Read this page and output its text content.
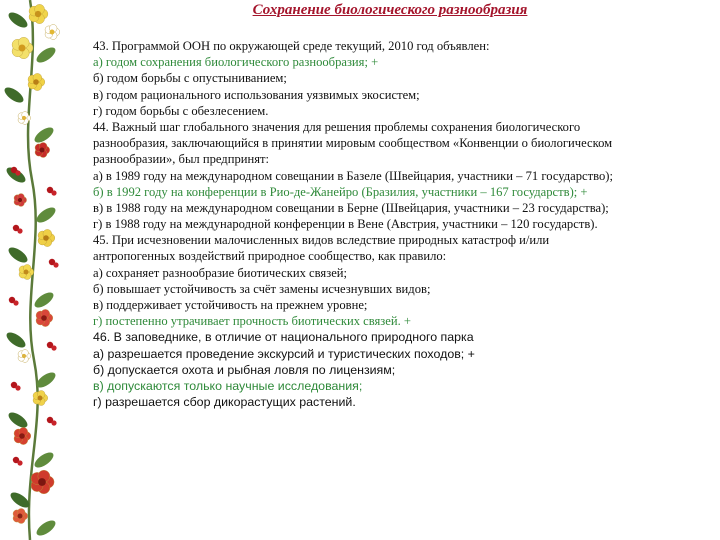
Сохранение биологического разнообразия
43. Программой ООН по окружающей среде текущий, 2010 год объявлен:
а) годом сохранения биологического разнообразия; +
б) годом борьбы с опустыниванием;
в) годом рационального использования уязвимых экосистем;
г) годом борьбы с обезлесением.
44. Важный шаг глобального значения для решения проблемы сохранения биологического
разнообразия, заключающийся в принятии мировым сообществом «Конвенции о биологическом
разнообразии», был предпринят:
а) в 1989 году на международном совещании в Базеле (Швейцария, участники – 71 государство);
б) в 1992 году на конференции в Рио-де-Жанейро (Бразилия, участники – 167 государств); +
в) в 1988 году на международном совещании в Берне (Швейцария, участники – 23 государства);
г) в 1988 году на международной конференции в Вене (Австрия, участники – 120 государств).
45. При исчезновении малочисленных видов вследствие природных катастроф и/или
антропогенных воздействий природное сообщество, как правило:
а) сохраняет разнообразие биотических связей;
б) повышает устойчивость за счёт замены исчезнувших видов;
в) поддерживает устойчивость на прежнем уровне;
г) постепенно утрачивает прочность биотических связей. +
46. В заповеднике, в отличие от национального природного парка
а) разрешается проведение экскурсий и туристических походов; +
б) допускается охота и рыбная ловля по лицензиям;
в) допускаются только научные исследования;
г) разрешается сбор дикорастущих растений.
